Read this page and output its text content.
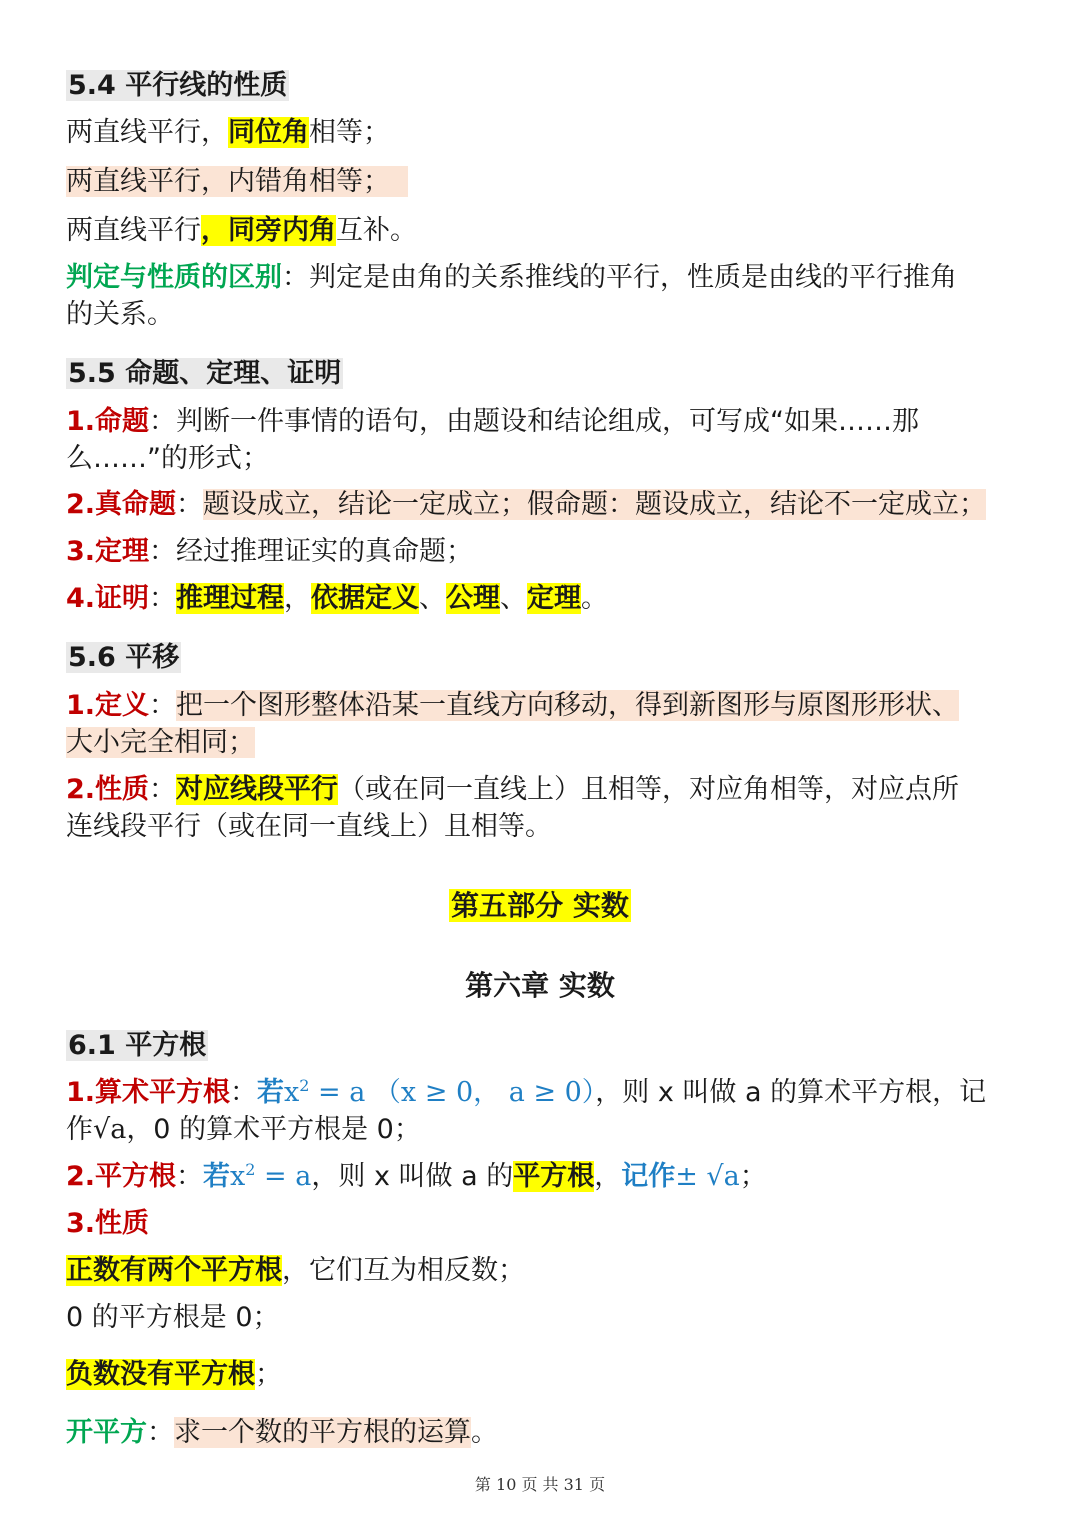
5.4 平行线的性质
两直线平行，同位角相等；
两直线平行，内错角相等；
两直线平行，同旁内角互补。
判定与性质的区别：判定是由角的关系推线的平行，性质是由线的平行推角
的关系。
5.5 命题、定理、证明
1.命题：判断一件事情的语句，由题设和结论组成，可写成“如果……那
么……”的形式；
2.真命题：题设成立，结论一定成立；假命题：题设成立，结论不一定成立；
3.定理：经过推理证实的真命题；
4.证明：推理过程，依据定义、公理、定理。
5.6 平移
1.定义：把一个图形整体沿某一直线方向移动，得到新图形与原图形形状、
大小完全相同；
2.性质：对应线段平行（或在同一直线上）且相等，对应角相等，对应点所
连线段平行（或在同一直线上）且相等。
第五部分 实数
第六章 实数
6.1 平方根
1.算术平方根：若$x^2 = a$ （x ≥ 0， a ≥ 0），则 x 叫做 a 的算术平方根，记
作√a，0 的算术平方根是 0；
2.平方根：若$x^2 = a$，则 x 叫做 a 的平方根，记作± √a；
3.性质
正数有两个平方根，它们互为相反数；
0 的平方根是 0；
负数没有平方根；
开平方：求一个数的平方根的运算。
第 10 页 共 31 页
